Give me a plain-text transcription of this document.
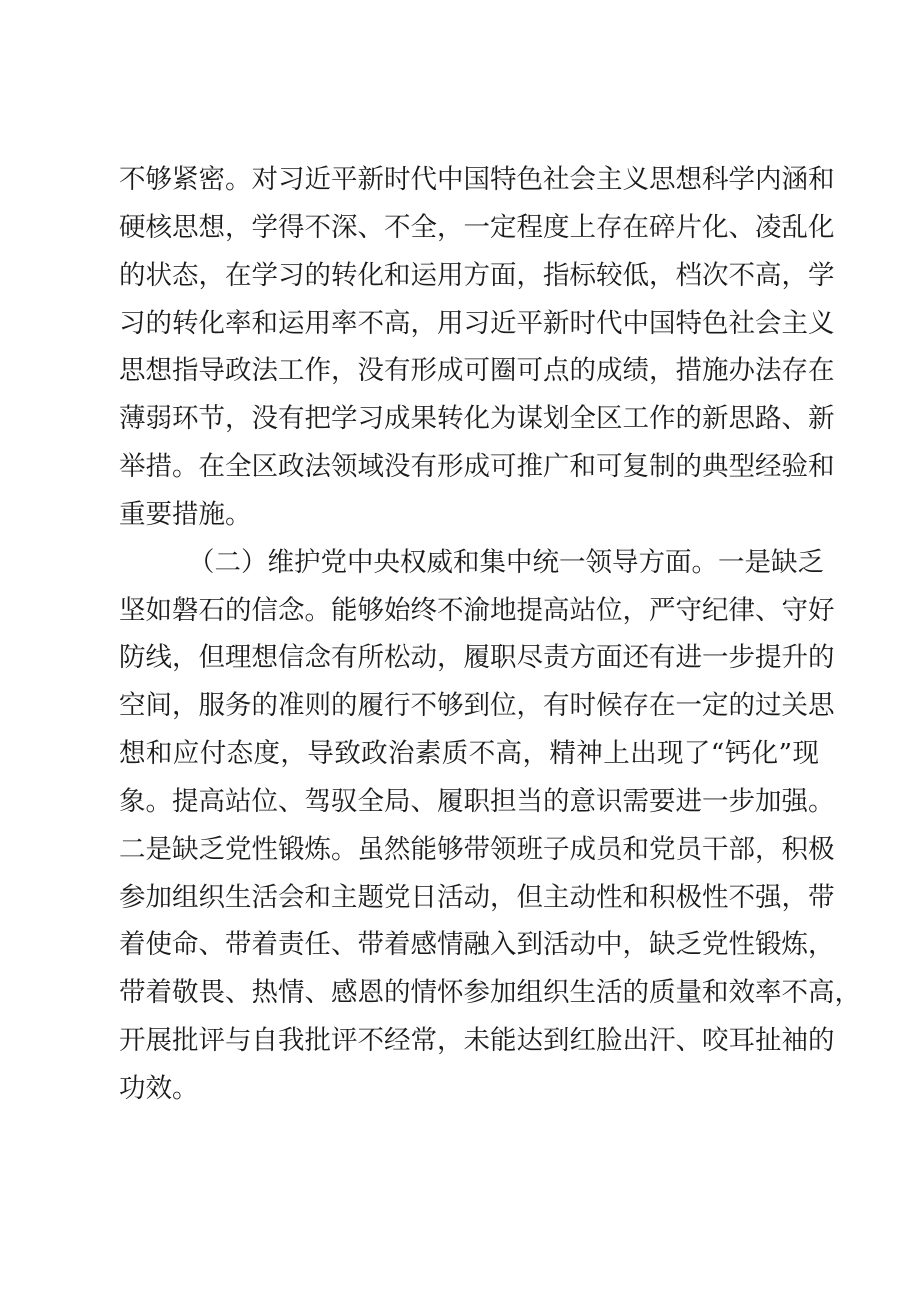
不够紧密。对习近平新时代中国特色社会主义思想科学内涵和
硬核思想，学得不深、不全，一定程度上存在碎片化、凌乱化
的状态，在学习的转化和运用方面，指标较低，档次不高，学
习的转化率和运用率不高，用习近平新时代中国特色社会主义
思想指导政法工作，没有形成可圈可点的成绩，措施办法存在
薄弱环节，没有把学习成果转化为谋划全区工作的新思路、新
举措。在全区政法领域没有形成可推广和可复制的典型经验和
重要措施。
（二）维护党中央权威和集中统一领导方面。一是缺乏
坚如磐石的信念。能够始终不渝地提高站位，严守纪律、守好
防线，但理想信念有所松动，履职尽责方面还有进一步提升的
空间，服务的准则的履行不够到位，有时候存在一定的过关思
想和应付态度，导致政治素质不高，精神上出现了“钙化”现
象。提高站位、驾驭全局、履职担当的意识需要进一步加强。
二是缺乏党性锻炼。虽然能够带领班子成员和党员干部，积极
参加组织生活会和主题党日活动，但主动性和积极性不强，带
着使命、带着责任、带着感情融入到活动中，缺乏党性锻炼，
带着敬畏、热情、感恩的情怀参加组织生活的质量和效率不高，
开展批评与自我批评不经常，未能达到红脸出汗、咬耳扯袖的
功效。
